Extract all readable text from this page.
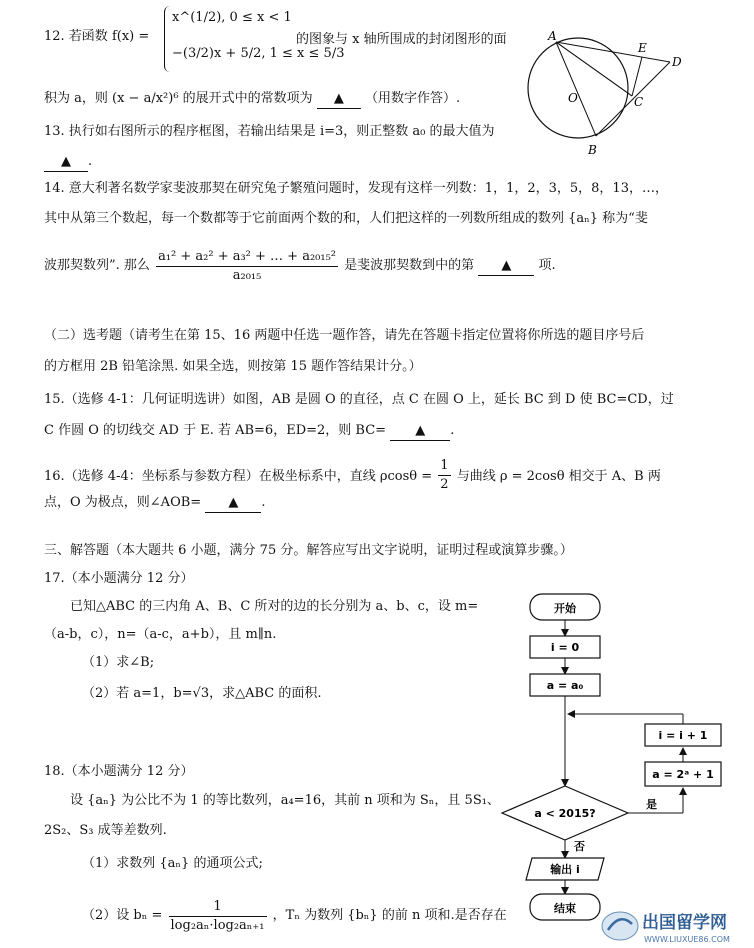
12. 若函数 f(x) =
x^(1/2), 0 ≤ x < 1
−(3/2)x + 5/2, 1 ≤ x ≤ 5/3
的图象与 x 轴所围成的封闭图形的面
积为 a，则 (x − a/x²)⁶ 的展开式中的常数项为 ▲ （用数字作答）.
13. 执行如右图所示的程序框图，若输出结果是 i=3，则正整数 a₀ 的最大值为
▲ .
A
E
D
O	C
B
14. 意大利著名数学家斐波那契在研究兔子繁殖问题时，发现有这样一列数：1，1，2，3，5，8，13，…，
其中从第三个数起，每一个数都等于它前面两个数的和，人们把这样的一列数所组成的数列 {aₙ} 称为“斐
波那契数列”. 那么 $\frac{\text{a₁² + a₂² + a₃² + … + a₂₀₁₅²}}{\text{a₂₀₁₅}}$ 是斐波那契数到中的第 ▲ 项.
（二）选考题（请考生在第 15、16 两题中任选一题作答，请先在答题卡指定位置将你所选的题目序号后
的方框用 2B 铅笔涂黑. 如果全选，则按第 15 题作答结果计分。）
15.（选修 4-1：几何证明选讲）如图，AB 是圆 O 的直径，点 C 在圆 O 上，延长 BC 到 D 使 BC=CD，过
C 作圆 O 的切线交 AD 于 E. 若 AB=6，ED=2，则 BC= ▲ .
16.（选修 4-4：坐标系与参数方程）在极坐标系中，直线 $\rho\cos\theta = \frac{1}{2}$ 与曲线 ρ = 2cosθ 相交于 A、B 两
点，O 为极点，则∠AOB= ▲ .
三、解答题（本大题共 6 小题，满分 75 分。解答应写出文字说明，证明过程或演算步骤。）
17.（本小题满分 12 分）
已知△ABC 的三内角 A、B、C 所对的边的长分别为 a、b、c，设 m=
（a-b，c），n=（a-c，a+b），且 m∥n.
（1）求∠B;
（2）若 a=1，b=√3，求△ABC 的面积.
18.（本小题满分 12 分）
设 {aₙ} 为公比不为 1 的等比数列，a₄=16，其前 n 项和为 Sₙ，且 5S₁、
2S₂、S₃ 成等差数列.
（1）求数列 {aₙ} 的通项公式;
（2）设 $b_n = \frac{1}{\text{log₂aₙ·log₂aₙ₊₁}}$ ，Tₙ 为数列 {bₙ} 的前 n 项和.是否存在
开始
i = 0
a = a₀
i = i + 1
a = 2ᵃ + 1
a < 2015?
是
否
输出 i
结束
出国留学网
WWW.LIUXUE86.COM
